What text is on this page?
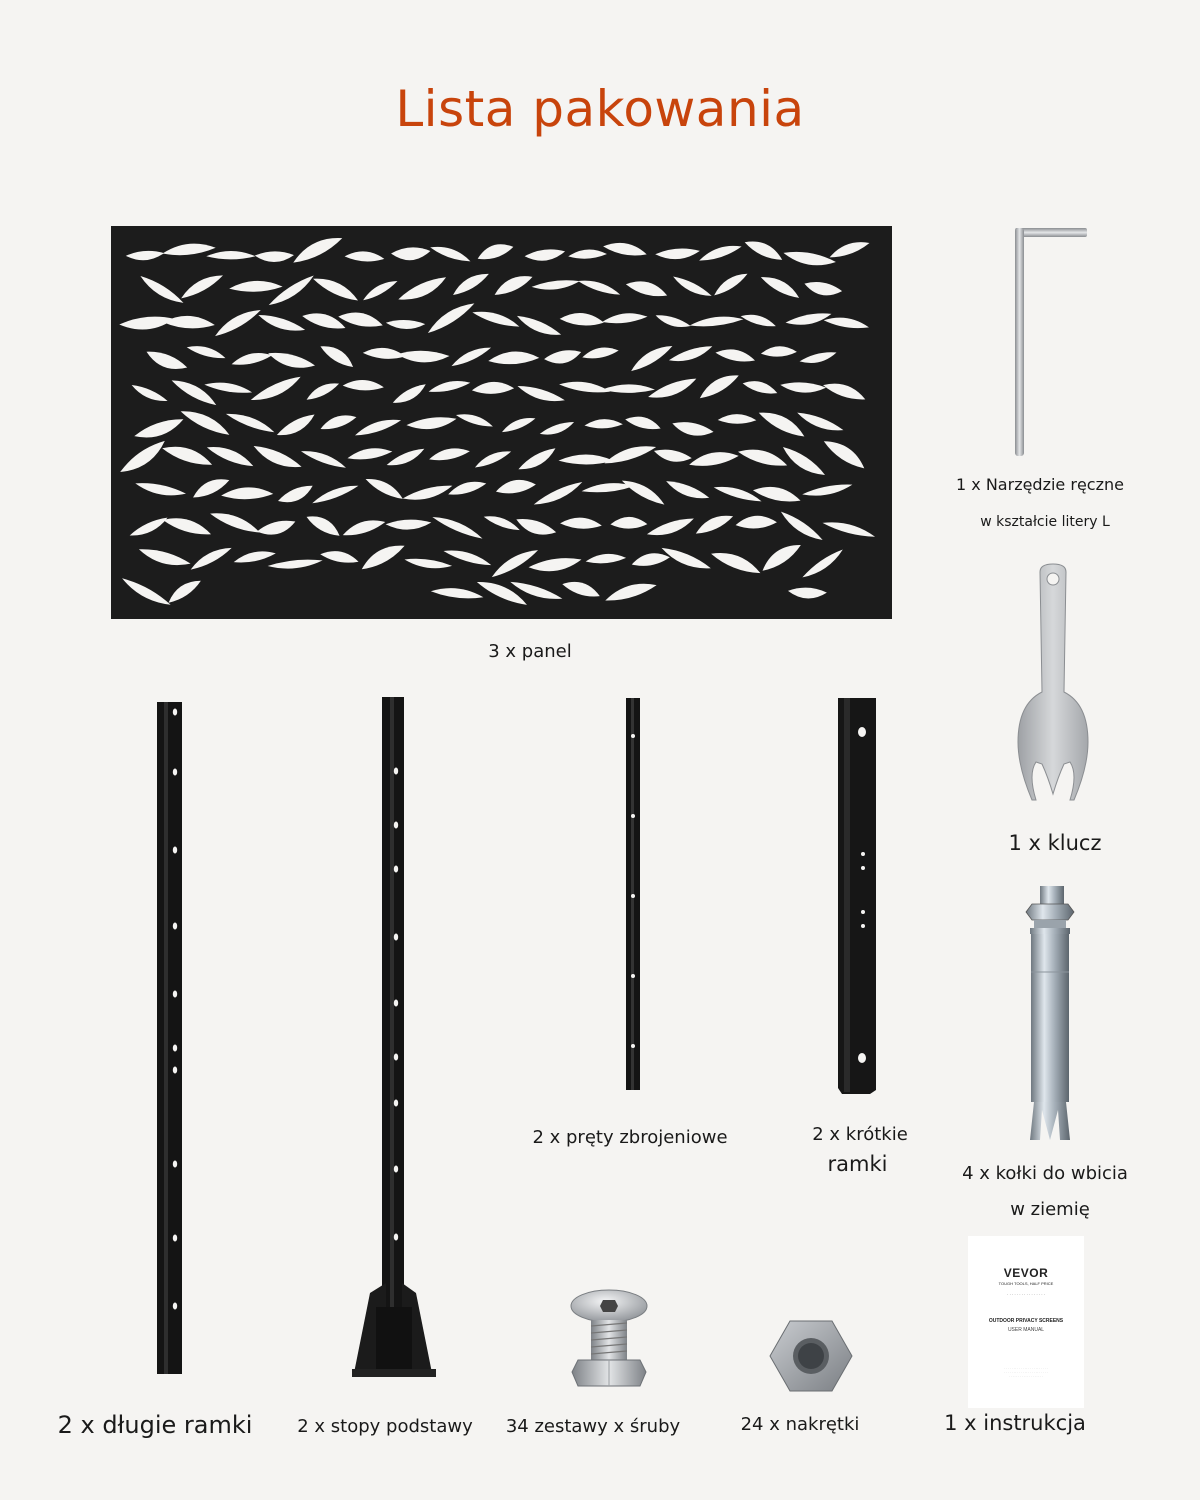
Lista pakowania
3 x panel
1 x Narzędzie ręczne
w kształcie litery L
1 x klucz
4 x kołki do wbicia
w ziemię
2 x długie ramki	2 x stopy podstawy
2 x pręty zbrojeniowe	2 x krótkie
ramki
34 zestawy x śruby	24 x nakrętki
VEVOR
TOUGH TOOLS, HALF PRICE
· · · · · · · · · · · · · · · ·
OUTDOOR PRIVACY SCREENS
USER MANUAL
· · · · · · · · · · · · · · · · · · · · · · · ·
· · · · · · · · · · · · · · · · · · · · · · · ·
· · · · · · · · · · · · · · · · · · ·
1 x instrukcja
